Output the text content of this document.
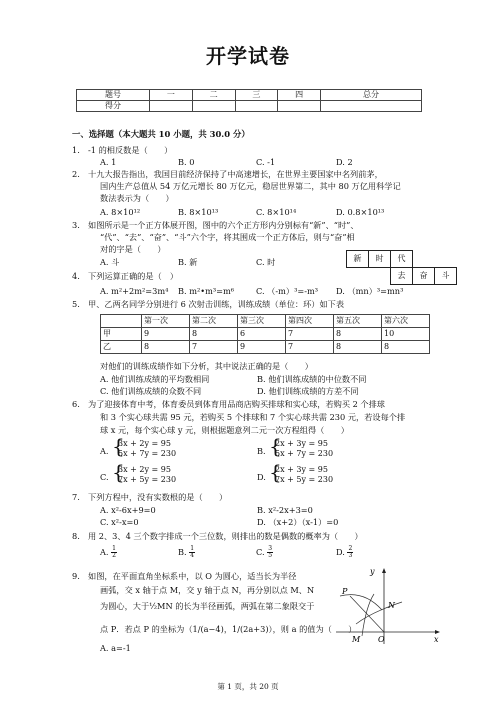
开学试卷
题号	一	二	三	四	总分
得分					
一、选择题（本大题共 10 小题，共 30.0 分）
1. -1 的相反数是（　　）
A. 1	B. 0	C. -1	D. 2
2. 十九大报告指出，我国目前经济保持了中高速增长，在世界主要国家中名列前茅，
国内生产总值从 54 万亿元增长 80 万亿元，稳居世界第二，其中 80 万亿用科学记
数法表示为（　　）
A. 8×10¹²	B. 8×10¹³	C. 8×10¹⁴	D. 0.8×10¹³
3. 如图所示是一个正方体展开图，图中的六个正方形内分别标有“新”、“时”、
“代”、“去”、“奋”、“斗”六个字，将其围成一个正方体后，则与“奋”相
对的字是（　　）
A. 斗	B. 新	C. 时	新	时	代
去	奋	斗
4. 下列运算正确的是（　）
A. m²+2m²=3m⁴	B. m²•m³=m⁶	C. （-m）³=-m³	D. （mn）³=mn³
5. 甲、乙两名同学分别进行 6 次射击训练，训练成绩（单位：环）如下表
	第一次	第二次	第三次	第四次	第五次	第六次
甲	9	8	6	7	8	10
乙	8	7	9	7	8	8
对他们的训练成绩作如下分析，其中说法正确的是（　　）
A. 他们训练成绩的平均数相同	B. 他们训练成绩的中位数不同
C. 他们训练成绩的众数不同	D. 他们训练成绩的方差不同
6. 为了迎接体育中考，体育委员到体育用品商店购买排球和实心球，若购买 2 个排球
和 3 个实心球共需 95 元，若购买 5 个排球和 7 个实心球共需 230 元，若设每个排
球 x 元，每个实心球 y 元，则根据题意列二元一次方程组得（　　）
A. {
3x + 2y = 95
5x + 7y = 230	B. {
2x + 3y = 95
5x + 7y = 230
C. {
3x + 2y = 95
7x + 5y = 230	D. {
2x + 3y = 95
7x + 5y = 230
7. 下列方程中，没有实数根的是（　　）
A. x²-6x+9=0	B. x²-2x+3=0
C. x²-x=0	D. （x+2）（x-1）=0
8. 用 2、3、4 三个数字排成一个三位数，则排出的数是偶数的概率为（　　）
A. $\frac{1}{2}$	B. $\frac{1}{4}$	C. $\frac{3}{5}$	D. $\frac{2}{3}$
9. 如图，在平面直角坐标系中，以 O 为圆心，适当长为半径
画弧，交 x 轴于点 M，交 y 轴于点 N，再分别以点 M、N
为圆心，大于½MN 的长为半径画弧，两弧在第二象限交于
点 P．若点 P 的坐标为（1/(a−4)，1/(2a+3)），则 a 的值为（　　）
A. a=-1
y
x
P
N
M O
第 1 页，共 20 页
